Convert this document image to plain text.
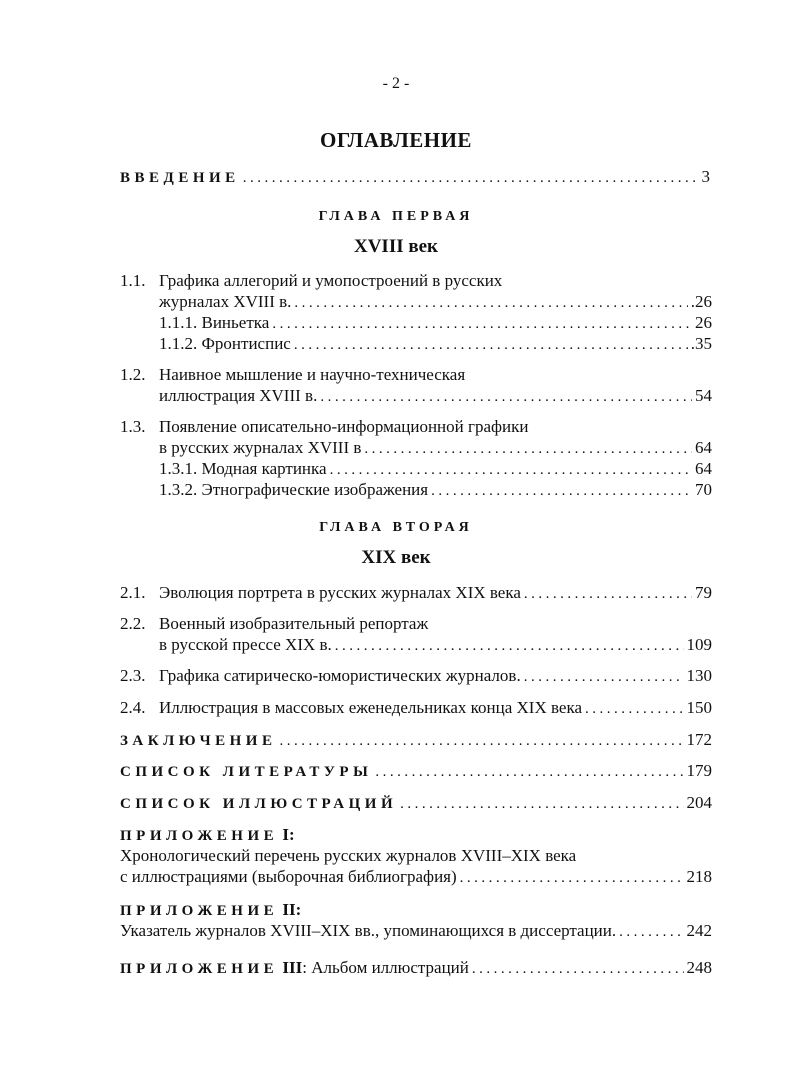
- 2 -
ОГЛАВЛЕНИЕ
ВВЕДЕНИЕ .....	3
ГЛАВА ПЕРВАЯ
XVIII век
1.1. Графика аллегорий и умопостроений в русских
журналах XVIII в. .....	.26
1.1.1. Виньетка .....	26
1.1.2. Фронтиспис .....	.35
1.2. Наивное мышление и научно-техническая
иллюстрация XVIII в. .....	54
1.3. Появление описательно-информационной графики
в русских журналах XVIII в .....	64
1.3.1. Модная картинка .....	64
1.3.2. Этнографические изображения .....	70
ГЛАВА ВТОРАЯ
XIX век
2.1. Эволюция портрета в русских журналах XIX века .....	79
2.2. Военный изобразительный репортаж
в русской прессе XIX в. .....	109
2.3. Графика сатирическо-юмористических журналов. .....	130
2.4. Иллюстрация в массовых еженедельниках конца XIX века .....	150
ЗАКЛЮЧЕНИЕ .....	172
СПИСОК ЛИТЕРАТУРЫ .....	179
СПИСОК ИЛЛЮСТРАЦИЙ .....	204
ПРИЛОЖЕНИЕ I:
Хронологический перечень русских журналов XVIII–XIX века
с иллюстрациями (выборочная библиография) .....	218
ПРИЛОЖЕНИЕ II:
Указатель журналов XVIII–XIX вв., упоминающихся в диссертации. .....	242
ПРИЛОЖЕНИЕ III: Альбом иллюстраций .....	248
